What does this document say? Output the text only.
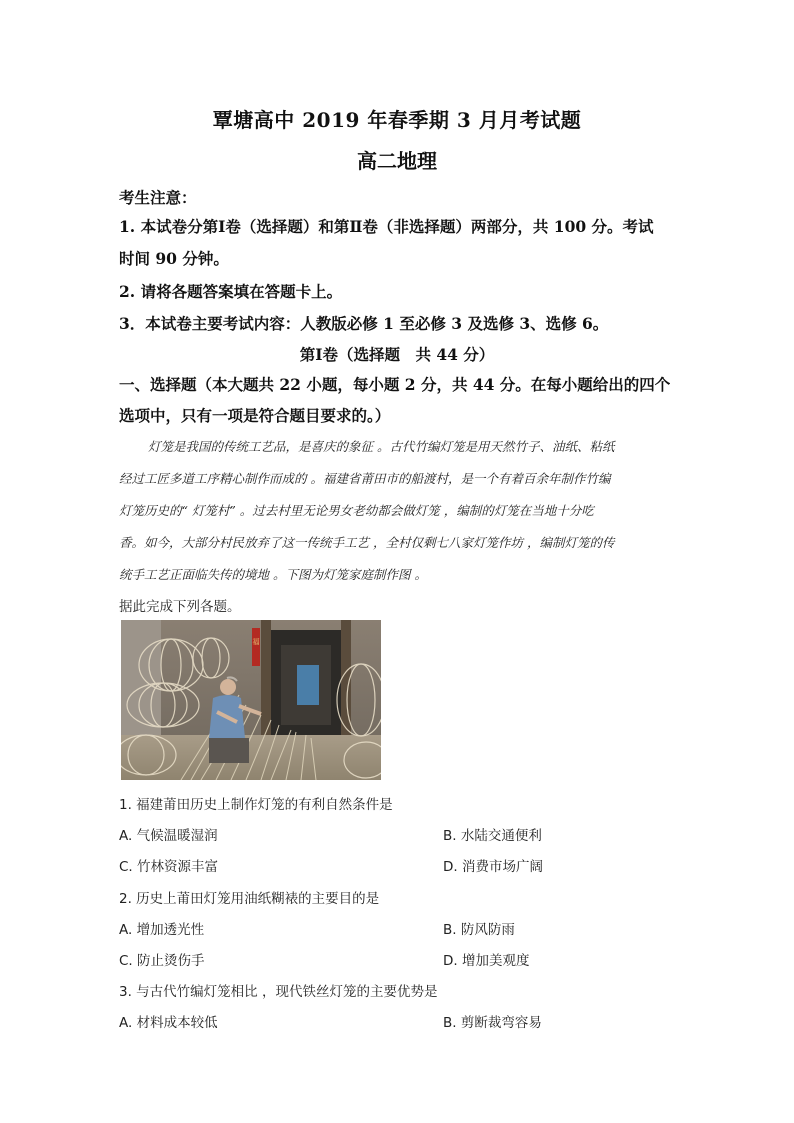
覃塘高中 2019 年春季期 3 月月考试题
高二地理
考生注意：
1. 本试卷分第Ⅰ卷（选择题）和第Ⅱ卷（非选择题）两部分，共 100 分。考试
时间 90 分钟。
2. 请将各题答案填在答题卡上。
3．本试卷主要考试内容：人教版必修 1 至必修 3 及选修 3、选修 6。
第Ⅰ卷（选择题　共 44 分）
一、选择题（本大题共 22 小题，每小题 2 分，共 44 分。在每小题给出的四个
选项中，只有一项是符合题目要求的。）
灯笼是我国的传统工艺品，是喜庆的象征 。古代竹编灯笼是用天然竹子、油纸、粘纸
经过工匠多道工序精心制作而成的 。福建省莆田市的船渡村，是一个有着百余年制作竹编
灯笼历史的“ 灯笼村” 。过去村里无论男女老幼都会做灯笼 ，编制的灯笼在当地十分吃
香。如今，大部分村民放弃了这一传统手工艺 ，全村仅剩七八家灯笼作坊 ，编制灯笼的传
统手工艺正面临失传的境地 。下图为灯笼家庭制作图 。
据此完成下列各题。
福
1. 福建莆田历史上制作灯笼的有利自然条件是
A. 气候温暖湿润	B. 水陆交通便利
C. 竹林资源丰富	D. 消费市场广阔
2. 历史上莆田灯笼用油纸糊裱的主要目的是
A. 增加透光性	B. 防风防雨
C. 防止烫伤手	D. 增加美观度
3. 与古代竹编灯笼相比 ，现代铁丝灯笼的主要优势是
A. 材料成本较低	B. 剪断裁弯容易
